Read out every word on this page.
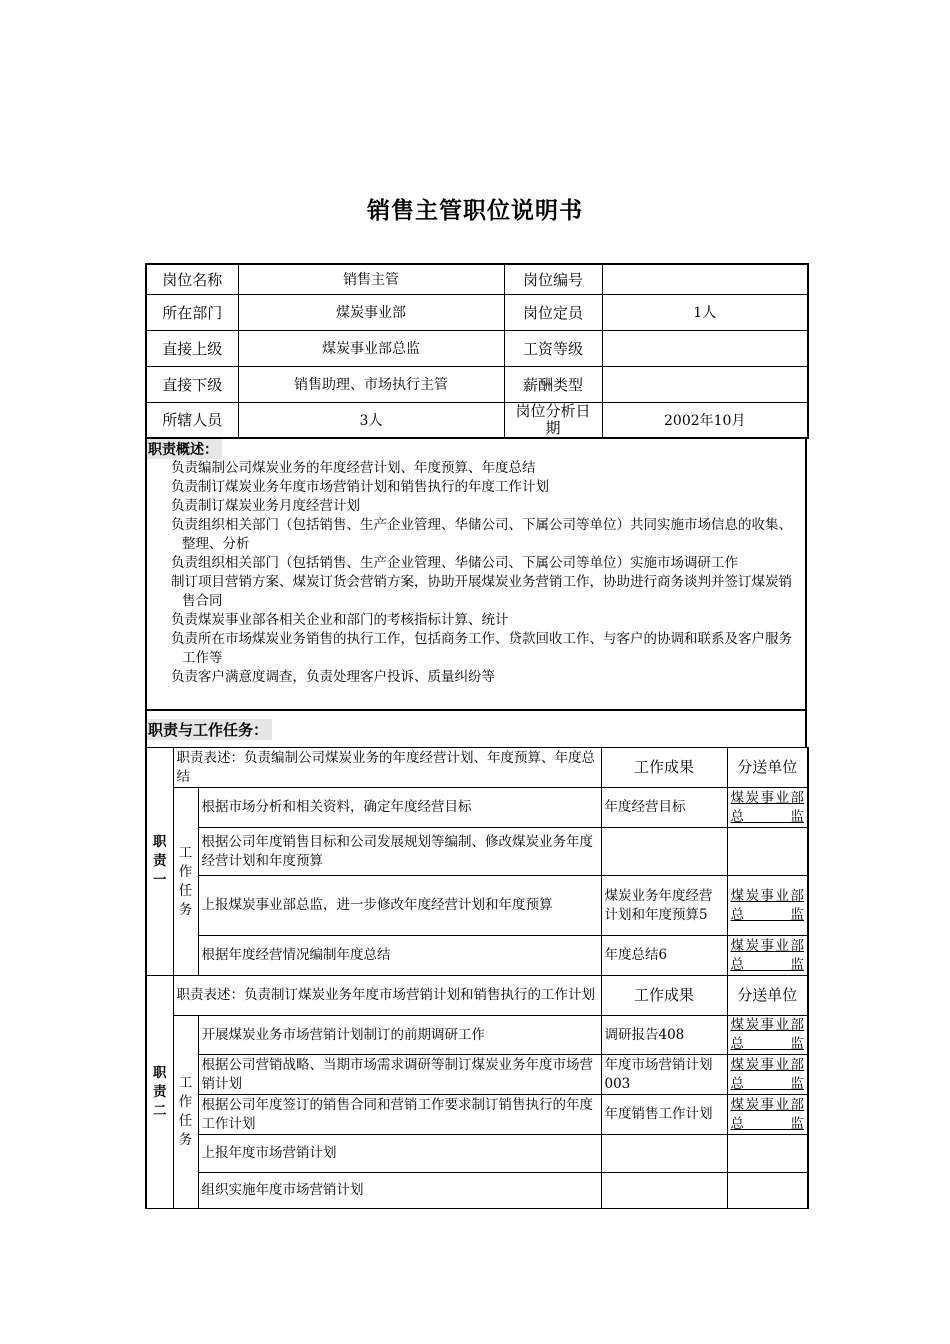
销售主管职位说明书
岗位名称	销售主管	岗位编号	
所在部门	煤炭事业部	岗位定员	1人
直接上级	煤炭事业部总监	工资等级	
直接下级	销售助理、市场执行主管	薪酬类型	
所辖人员	3人	岗位分析日期	2002年10月
职责概述：
负责编制公司煤炭业务的年度经营计划、年度预算、年度总结
负责制订煤炭业务年度市场营销计划和销售执行的年度工作计划
负责制订煤炭业务月度经营计划
负责组织相关部门（包括销售、生产企业管理、华储公司、下属公司等单位）共同实施市场信息的收集、整理、分析
负责组织相关部门（包括销售、生产企业管理、华储公司、下属公司等单位）实施市场调研工作
制订项目营销方案、煤炭订货会营销方案，协助开展煤炭业务营销工作，协助进行商务谈判并签订煤炭销售合同
负责煤炭事业部各相关企业和部门的考核指标计算、统计
负责所在市场煤炭业务销售的执行工作，包括商务工作、贷款回收工作、与客户的协调和联系及客户服务工作等
负责客户满意度调查，负责处理客户投诉、质量纠纷等
职责与工作任务：
职责一	职责表述：负责编制公司煤炭业务的年度经营计划、年度预算、年度总结		工作成果	分送单位
	工作任务	根据市场分析和相关资料，确定年度经营目标	年度经营目标	煤炭事业部总监
		根据公司年度销售目标和公司发展规划等编制、修改煤炭业务年度经营计划和年度预算		
		上报煤炭事业部总监，进一步修改年度经营计划和年度预算	煤炭业务年度经营计划和年度预算5	煤炭事业部总监
		根据年度经营情况编制年度总结	年度总结6	煤炭事业部总监
职责二	职责表述：负责制订煤炭业务年度市场营销计划和销售执行的工作计划		工作成果	分送单位
	工作任务	开展煤炭业务市场营销计划制订的前期调研工作	调研报告408	煤炭事业部总监
		根据公司营销战略、当期市场需求调研等制订煤炭业务年度市场营销计划	年度市场营销计划003	煤炭事业部总监
		根据公司年度签订的销售合同和营销工作要求制订销售执行的年度工作计划	年度销售工作计划	煤炭事业部总监
		上报年度市场营销计划		
		组织实施年度市场营销计划		
